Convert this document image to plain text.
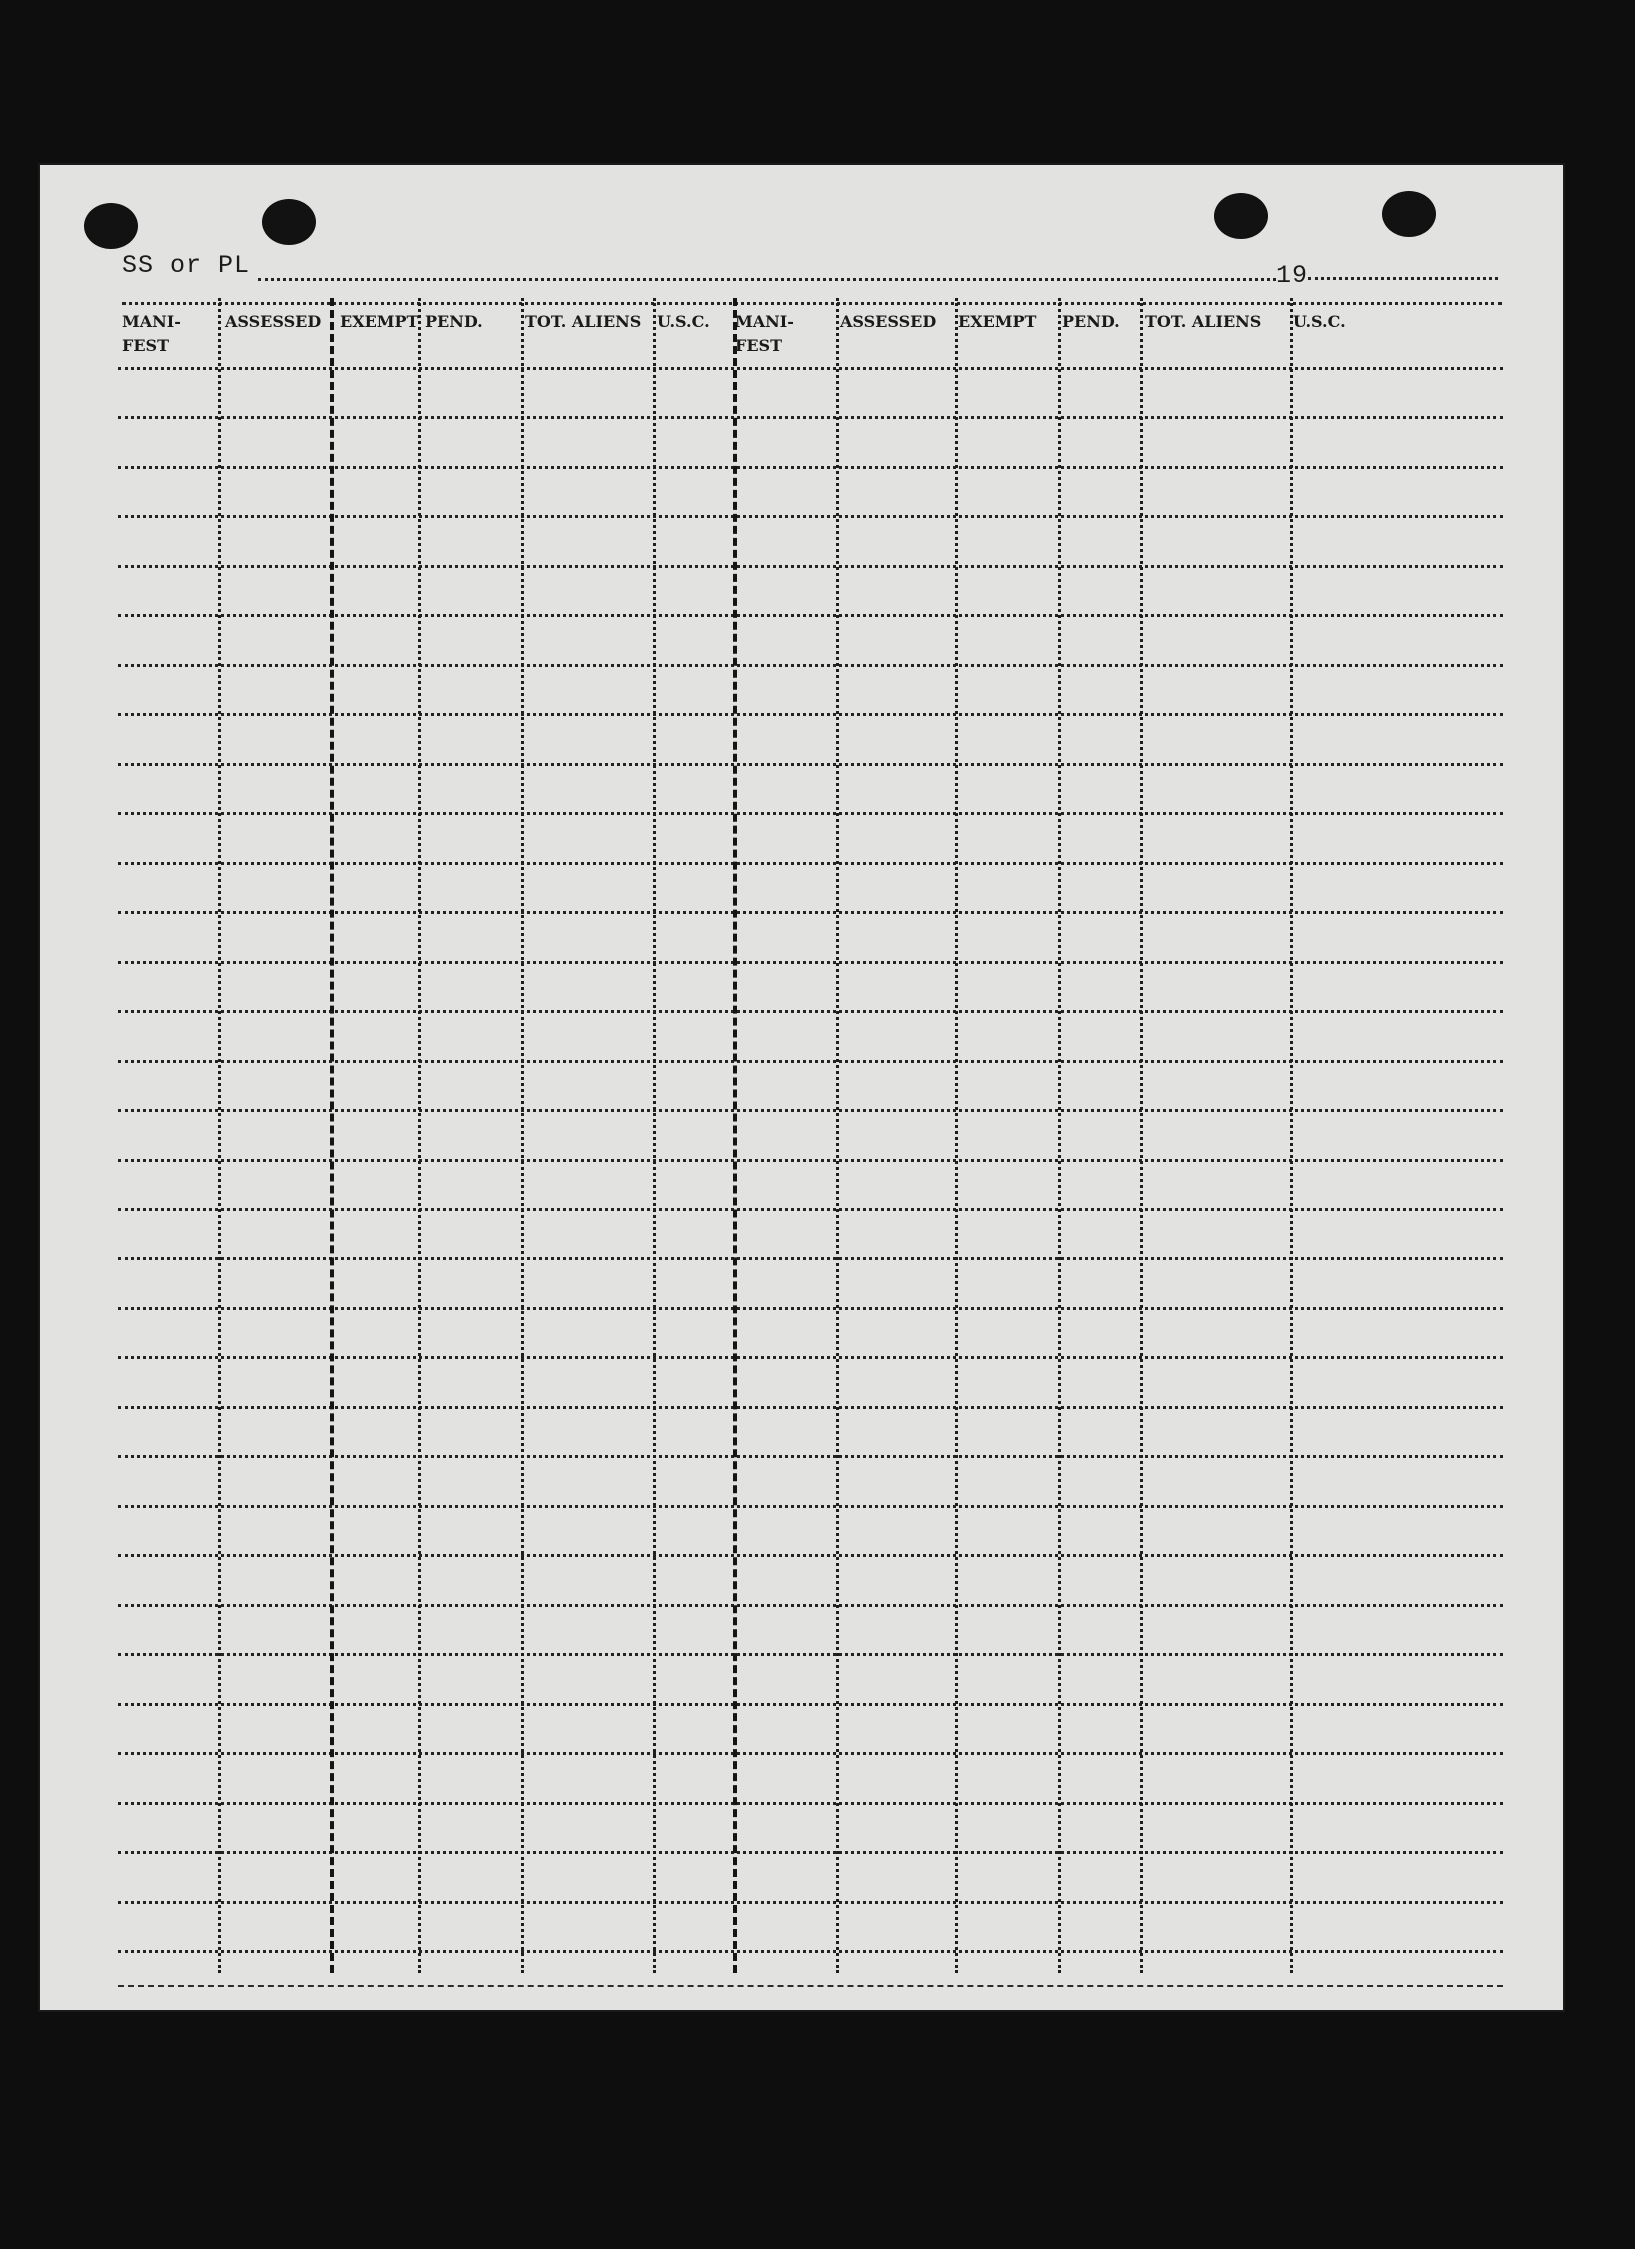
SS or PL	19
MANI-
FEST
ASSESSED EXEMPT PEND.	TOT. ALIENS U.S.C. MANI-
FEST
ASSESSED EXEMPT PEND. TOT. ALIENS U.S.C.
